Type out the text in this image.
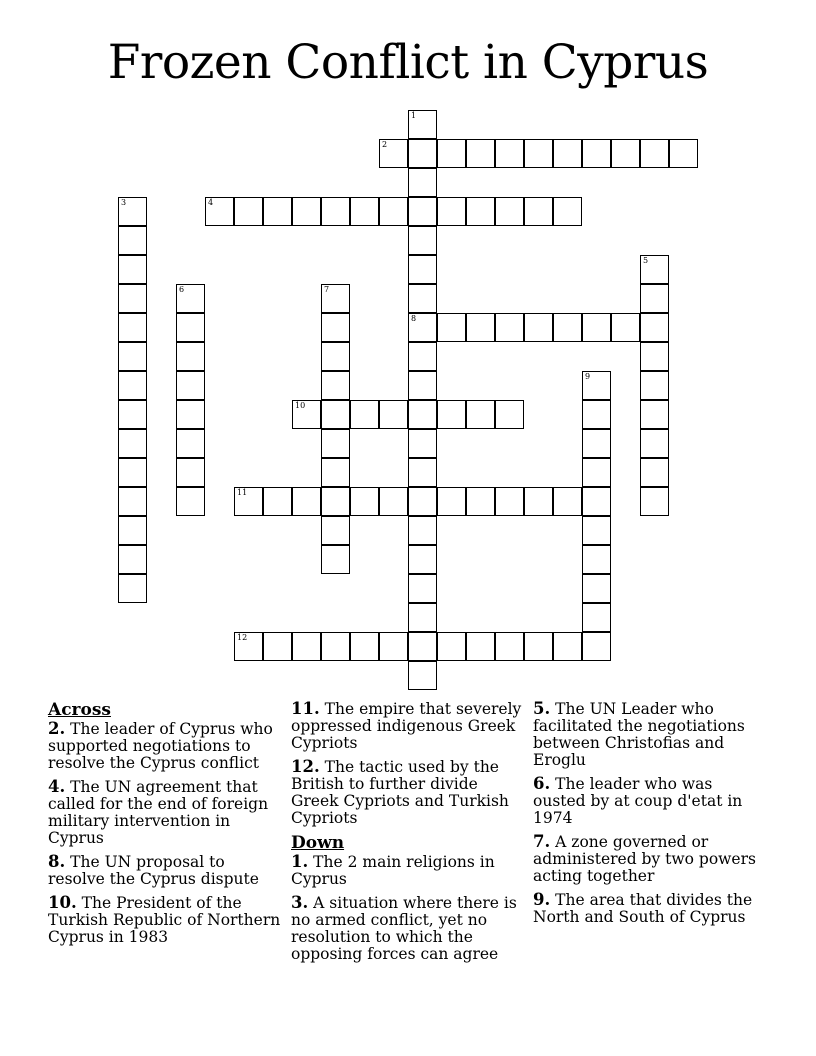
Frozen Conflict in Cyprus
1
8
2
3	4
5
6	7
9
10
11
12
Across
2. The leader of Cyprus who supported negotiations to resolve the Cyprus conflict
4. The UN agreement that called for the end of foreign military intervention in Cyprus
8. The UN proposal to resolve the Cyprus dispute
10. The President of the Turkish Republic of Northern Cyprus in 1983
11. The empire that severely oppressed indigenous Greek Cypriots
12. The tactic used by the British to further divide Greek Cypriots and Turkish Cypriots
Down
1. The 2 main religions in Cyprus
3. A situation where there is no armed conflict, yet no resolution to which the opposing forces can agree
5. The UN Leader who facilitated the negotiations between Christofias and Eroglu
6. The leader who was ousted by at coup d'etat in 1974
7. A zone governed or administered by two powers acting together
9. The area that divides the North and South of Cyprus
